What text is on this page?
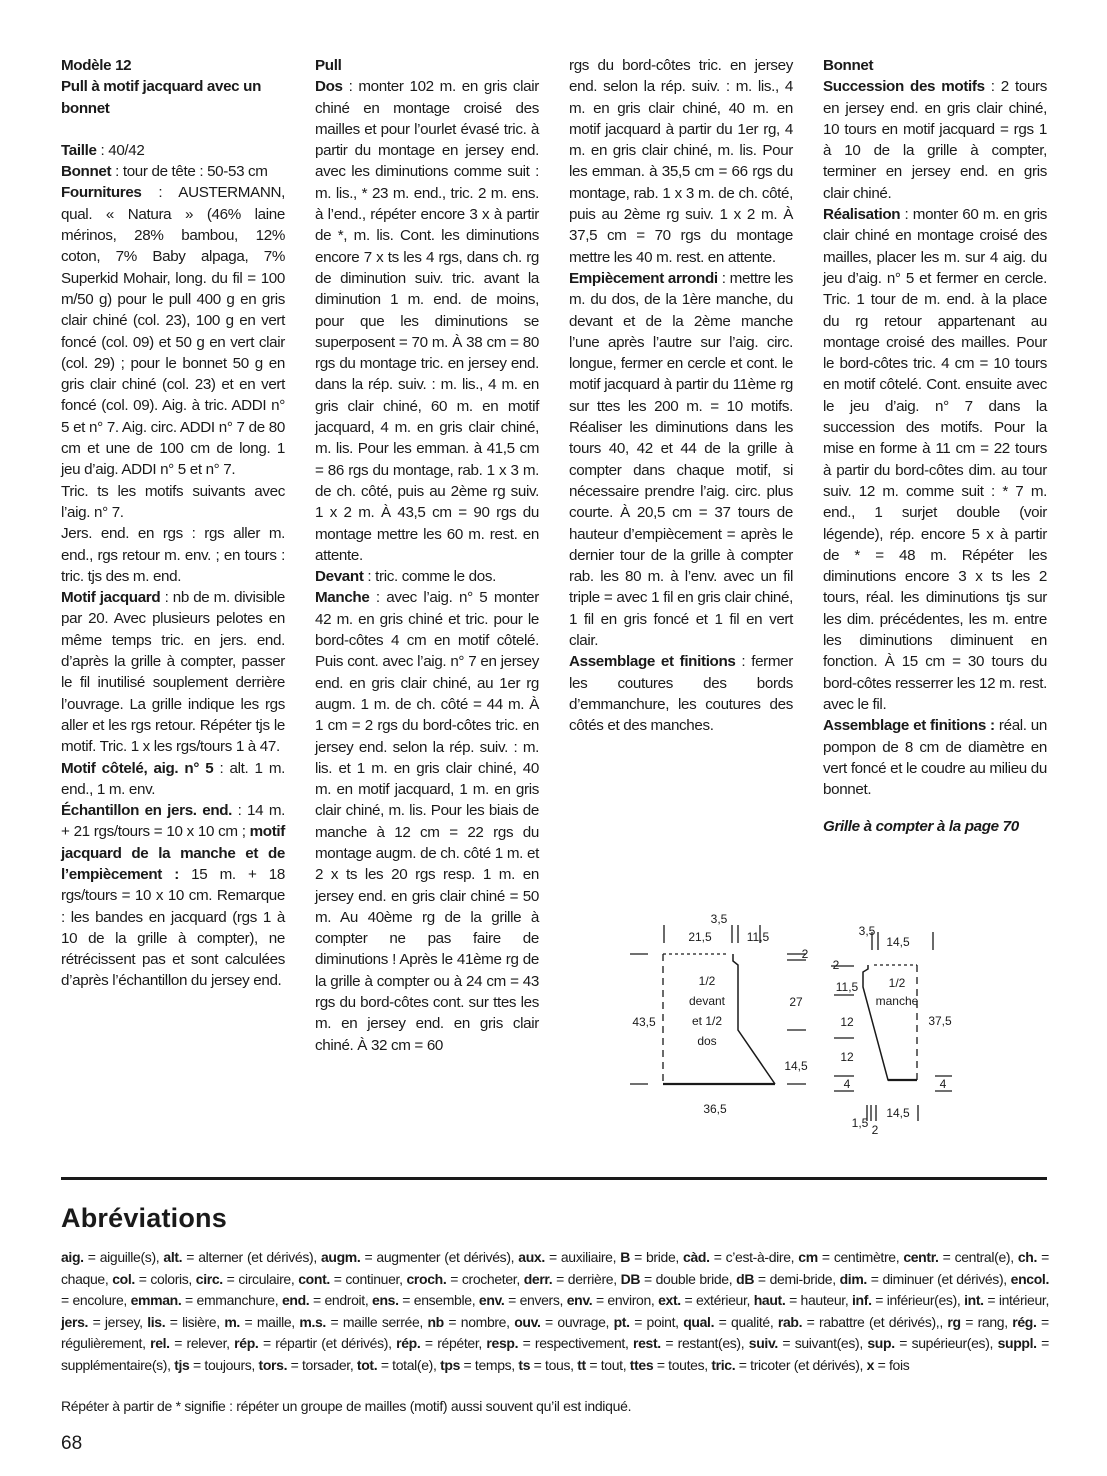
Modèle 12

Pull à motif jacquard avec un bonnet

Taille : 40/42

Bonnet : tour de tête : 50-53 cm

Fournitures : AUSTERMANN, qual. « Natura » (46% laine mérinos, 28% bambou, 12% coton, 7% Baby alpaga, 7% Superkid Mohair, long. du fil = 100 m/50 g) pour le pull 400 g en gris clair chiné (col. 23), 100 g en vert foncé (col. 09) et 50 g en vert clair (col. 29) ; pour le bonnet 50 g en gris clair chiné (col. 23) et en vert foncé (col. 09). Aig. à tric. ADDI n° 5 et n° 7. Aig. circ. ADDI n° 7 de 80 cm et une de 100 cm de long. 1 jeu d’aig. ADDI n° 5 et n° 7.

Tric. ts les motifs suivants avec l’aig. n° 7.

Jers. end. en rgs : rgs aller m. end., rgs retour m. env. ; en tours : tric. tjs des m. end.

Motif jacquard : nb de m. divisible par 20. Avec plusieurs pelotes en même temps tric. en jers. end. d’après la grille à compter, passer le fil inutilisé souplement derrière l’ouvrage. La grille indique les rgs aller et les rgs retour. Répéter tjs le motif. Tric. 1 x les rgs/tours 1 à 47.

Motif côtelé, aig. n° 5 : alt. 1 m. end., 1 m. env.

Échantillon en jers. end. : 14 m. + 21 rgs/tours = 10 x 10 cm ; motif jacquard de la manche et de l’empiècement : 15 m. + 18 rgs/tours = 10 x 10 cm. Remarque : les bandes en jacquard (rgs 1 à 10 de la grille à compter), ne rétrécissent pas et sont calculées d’après l’échantillon du jersey end.

Pull

Dos : monter 102 m. en gris clair chiné en montage croisé des mailles et pour l’ourlet évasé tric. à partir du montage en jersey end. avec les diminutions comme suit : m. lis., * 23 m. end., tric. 2 m. ens. à l’end., répéter encore 3 x à partir de *, m. lis. Cont. les diminutions encore 7 x ts les 4 rgs, dans ch. rg de diminution suiv. tric. avant la diminution 1 m. end. de moins, pour que les diminutions se superposent = 70 m. À 38 cm = 80 rgs du montage tric. en jersey end. dans la rép. suiv. : m. lis., 4 m. en gris clair chiné, 60 m. en motif jacquard, 4 m. en gris clair chiné, m. lis. Pour les emman. à 41,5 cm = 86 rgs du montage, rab. 1 x 3 m. de ch. côté, puis au 2ème rg suiv. 1 x 2 m. À 43,5 cm = 90 rgs du montage mettre les 60 m. rest. en attente.

Devant : tric. comme le dos.

Manche : avec l’aig. n° 5 monter 42 m. en gris chiné et tric. pour le bord-côtes 4 cm en motif côtelé. Puis cont. avec l’aig. n° 7 en jersey end. en gris clair chiné, au 1er rg augm. 1 m. de ch. côté = 44 m. À 1 cm = 2 rgs du bord-côtes tric. en jersey end. selon la rép. suiv. : m. lis. et 1 m. en gris clair chiné, 40 m. en motif jacquard, 1 m. en gris clair chiné, m. lis. Pour les biais de manche à 12 cm = 22 rgs du montage augm. de ch. côté 1 m. et 2 x ts les 20 rgs resp. 1 m. en jersey end. en gris clair chiné = 50 m. Au 40ème rg de la grille à compter ne pas faire de diminutions ! Après le 41ème rg de la grille à compter ou à 24 cm = 43 rgs du bord-côtes cont. sur ttes les m. en jersey end. en gris clair chiné. À 32 cm = 60

rgs du bord-côtes tric. en jersey end. selon la rép. suiv. : m. lis., 4 m. en gris clair chiné, 40 m. en motif jacquard à partir du 1er rg, 4 m. en gris clair chiné, m. lis. Pour les emman. à 35,5 cm = 66 rgs du montage, rab. 1 x 3 m. de ch. côté, puis au 2ème rg suiv. 1 x 2 m. À 37,5 cm = 70 rgs du montage mettre les 40 m. rest. en attente.

Empiècement arrondi : mettre les m. du dos, de la 1ère manche, du devant et de la 2ème manche l’une après l’autre sur l’aig. circ. longue, fermer en cercle et cont. le motif jacquard à partir du 11ème rg sur ttes les 200 m. = 10 motifs. Réaliser les diminutions dans les tours 40, 42 et 44 de la grille à compter dans chaque motif, si nécessaire prendre l’aig. circ. plus courte. À 20,5 cm = 37 tours de hauteur d’empiècement = après le dernier tour de la grille à compter rab. les 80 m. à l’env. avec un fil triple = avec 1 fil en gris clair chiné, 1 fil en gris foncé et 1 fil en vert clair.

Assemblage et finitions : fermer les coutures des bords d’emmanchure, les coutures des côtés et des manches.

Bonnet

Succession des motifs : 2 tours en jersey end. en gris clair chiné, 10 tours en motif jacquard = rgs 1 à 10 de la grille à compter, terminer en jersey end. en gris clair chiné.

Réalisation : monter 60 m. en gris clair chiné en montage croisé des mailles, placer les m. sur 4 aig. du jeu d’aig. n° 5 et fermer en cercle. Tric. 1 tour de m. end. à la place du rg retour appartenant au montage croisé des mailles. Pour le bord-côtes tric. 4 cm = 10 tours en motif côtelé. Cont. ensuite avec le jeu d’aig. n° 7 dans la succession des motifs. Pour la mise en forme à 11 cm = 22 tours à partir du bord-côtes dim. au tour suiv. 12 m. comme suit : * 7 m. end., 1 surjet double (voir légende), rép. encore 5 x à partir de * = 48 m. Répéter les diminutions encore 3 x ts les 2 tours, réal. les diminutions tjs sur les dim. précédentes, les m. entre les diminutions diminuent en fonction. À 15 cm = 30 tours du bord-côtes resserrer les 12 m. rest. avec le fil.

Assemblage et finitions : réal. un pompon de 8 cm de diamètre en vert foncé et le coudre au milieu du bonnet.

Grille à compter à la page 70

3,5
21,5	11,5
2
27
14,5
43,5
36,5
1/2
devant
et 1/2
dos
3,5
14,5
2
11,5
12
12
4
37,5
4
1,5 2
14,5
1/2
manche
Abréviations

aig. = aiguille(s), alt. = alterner (et dérivés), augm. = augmenter (et dérivés), aux. = auxiliaire, B = bride, càd. = c’est-à-dire, cm = centimètre, centr. = central(e), ch. = chaque, col. = coloris, circ. = circulaire, cont. = continuer, croch. = crocheter, derr. = derrière, DB = double bride, dB = demi-bride, dim. = diminuer (et dérivés), encol. = encolure, emman. = emmanchure, end. = endroit, ens. = ensemble, env. = envers, env. = environ, ext. = extérieur, haut. = hauteur, inf. = inférieur(es), int. = intérieur, jers. = jersey, lis. = lisière, m. = maille, m.s. = maille serrée, nb = nombre, ouv. = ouvrage, pt. = point, qual. = qualité, rab. = rabattre (et dérivés),, rg = rang, rég. = régulièrement, rel. = relever, rép. = répartir (et dérivés), rép. = répéter, resp. = respectivement, rest. = restant(es), suiv. = suivant(es), sup. = supérieur(es), suppl. = supplémentaire(s), tjs = toujours, tors. = torsader, tot. = total(e), tps = temps, ts = tous, tt = tout, ttes = toutes, tric. = tricoter (et dérivés), x = fois

Répéter à partir de * signifie : répéter un groupe de mailles (motif) aussi souvent qu’il est indiqué.

68
